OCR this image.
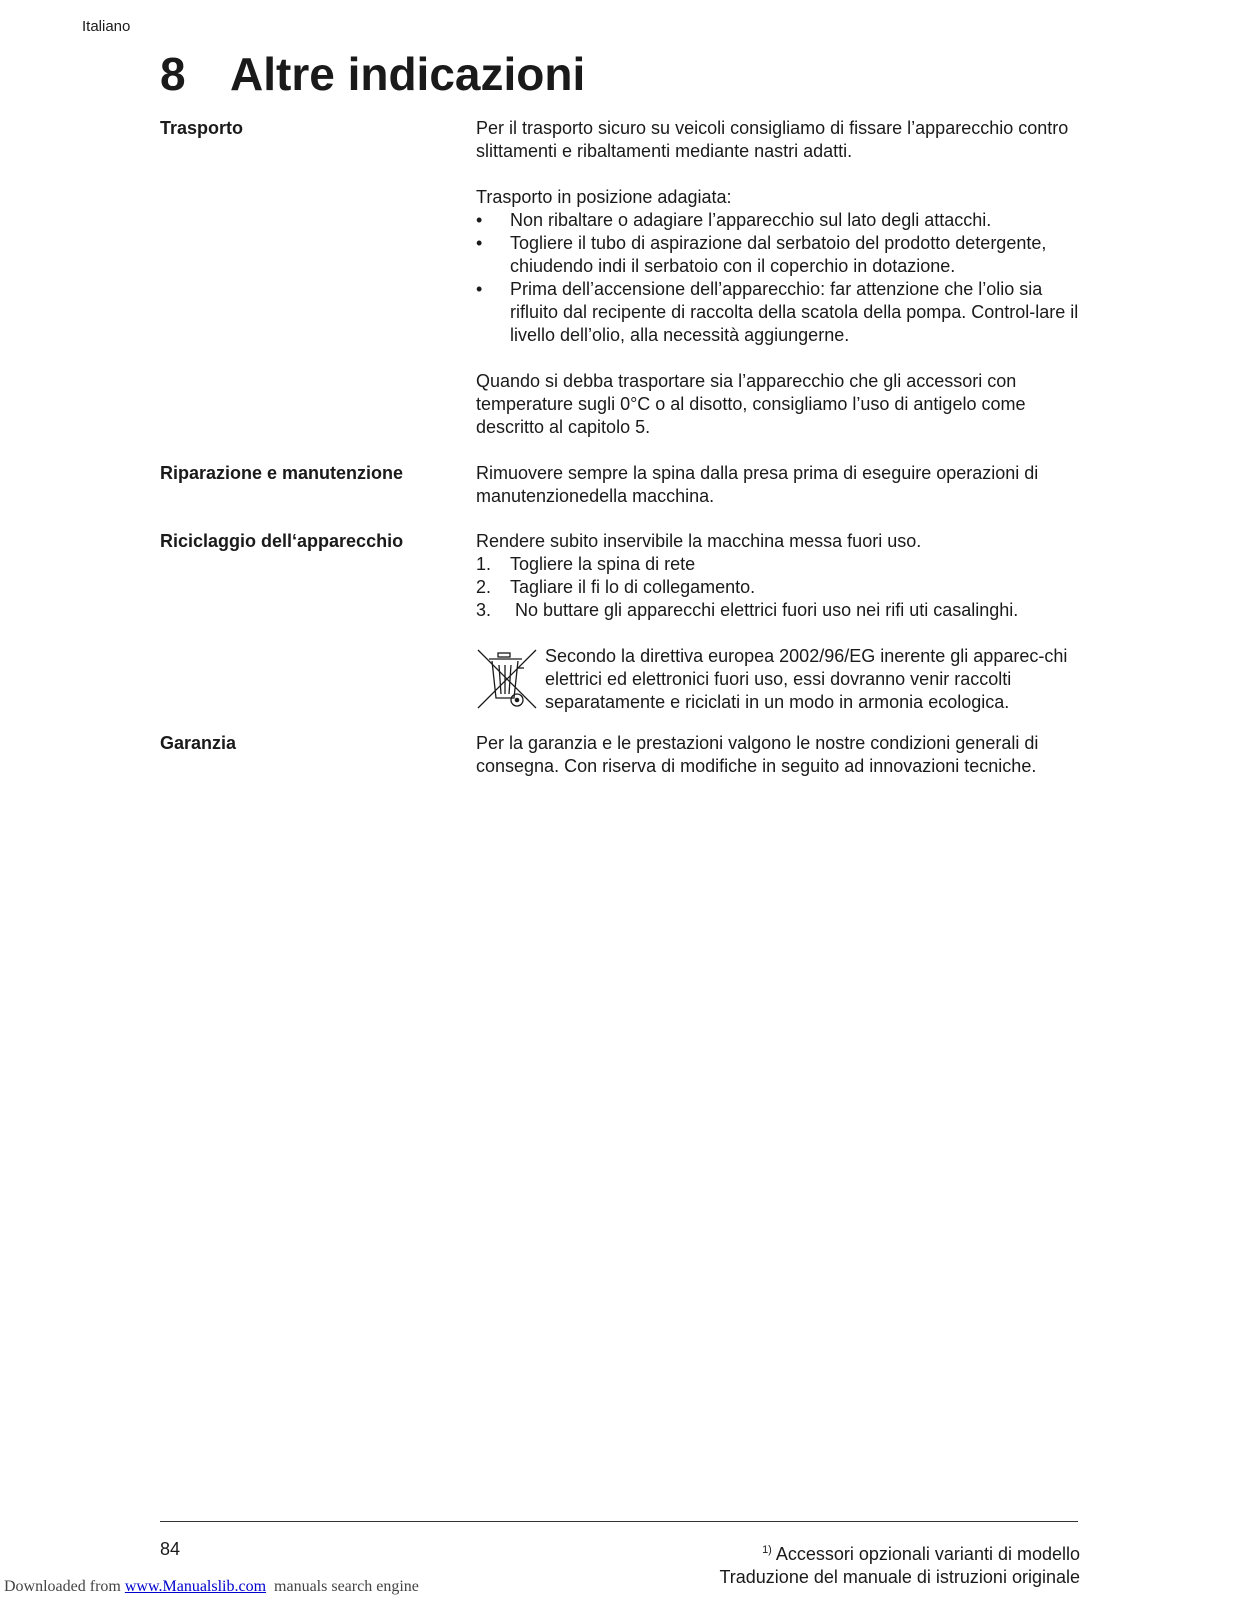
Italiano
8 Altre indicazioni
Trasporto	Per il trasporto sicuro su veicoli consigliamo di fissare l’apparecchio contro slittamenti e ribaltamenti mediante nastri adatti.

Trasporto in posizione adagiata:

•	Non ribaltare o adagiare l’apparecchio sul lato degli attacchi.
•	Togliere il tubo di aspirazione dal serbatoio del prodotto detergente, chiudendo indi il serbatoio con il coperchio in dotazione.
•	Prima dell’accensione dell’apparecchio: far attenzione che l’olio sia rifluito dal recipente di raccolta della scatola della pompa. Control-lare il livello dell’olio, alla necessità aggiungerne.

Quando si debba trasportare sia l’apparecchio che gli accessori con temperature sugli 0°C o al disotto, consigliamo l’uso di antigelo come descritto al capitolo 5.

Riparazione e manutenzione	Rimuovere sempre la spina dalla presa prima di eseguire operazioni di manutenzionedella macchina.

Riciclaggio dell‘apparecchio	Rendere subito inservibile la macchina messa fuori uso.

1.	Togliere la spina di rete
2.	Tagliare il fi lo di collegamento.
3.	No buttare gli apparecchi elettrici fuori uso nei rifi uti casalinghi.
Secondo la direttiva europea 2002/96/EG inerente gli apparec-chi elettrici ed elettronici fuori uso, essi dovranno venir raccolti separatamente e riciclati in un modo in armonia ecologica.
Garanzia	Per la garanzia e le prestazioni valgono le nostre condizioni generali di consegna. Con riserva di modifiche in seguito ad innovazioni tecniche.

84	$^{1)}$ Accessori opzionali varianti di modello
Traduzione del manuale di istruzioni originale
Downloaded from www.Manualslib.com  manuals search engine
